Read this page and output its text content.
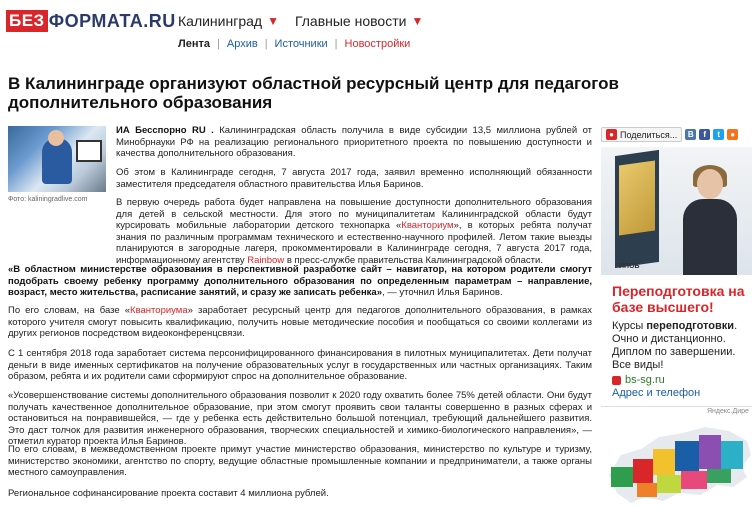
БЕЗ ФОРМАТА.RU Калининград ▼ Главные новости ▼
Лента | Архив | Источники | Новостройки
В Калининграде организуют областной ресурсный центр для педагогов дополнительного образования
Фото: kaliningradlive.com

ИА Бесспорно RU . Калининградская область получила в виде субсидии 13,5 миллиона рублей от Минобрнауки РФ на реализацию регионального приоритетного проекта по повышению доступности и качества дополнительного образования.

Об этом в Калининграде сегодня, 7 августа 2017 года, заявил временно исполняющий обязанности заместителя председателя областного правительства Илья Баринов.

В первую очередь работа будет направлена на повышение доступности дополнительного образования для детей в сельской местности. Для этого по муниципалитетам Калининградской области будут курсировать мобильные лаборатории детского технопарка «Кванториум», в которых ребята получат знания по различным программам технического и естественно-научного профилей. Летом такие выезды планируются в загородные лагеря, прокомментировали в Калининграде сегодня, 7 августа 2017 года, информационному агентству Rainbow в пресс-службе правительства Калининградской области.

«В областном министерстве образования в перспективной разработке сайт – навигатор, на котором родители смогут подобрать своему ребенку программу дополнительного образования по определенным параметрам – направление, возраст, место жительства, расписание занятий, и сразу же записать ребенка», — уточнил Илья Баринов.

По его словам, на базе «Кванториума» заработает ресурсный центр для педагогов дополнительного образования, в рамках которого учителя смогут повысить квалификацию, получить новые методические пособия и пообщаться со своими коллегами из других регионов посредством видеоконференцсвязи.

С 1 сентября 2018 года заработает система персонифицированного финансирования в пилотных муниципалитетах. Дети получат деньги в виде именных сертификатов на получение образовательных услуг в государственных или частных организациях. Таким образом, ребята и их родители сами сформируют спрос на дополнительное образование.

«Усовершенствование системы дополнительного образования позволит к 2020 году охватить более 75% детей области. Они будут получать качественное дополнительное образование, при этом смогут проявить свои таланты совершенно в разных сферах и остановиться на понравившейся, — где у ребенка есть действительно большой потенциал, требующий дальнейшего развития. Это даст толчок для развития инженерного образования, творческих специальностей и химико-биологического направления», — отметил куратор проекта Илья Баринов.

По его словам, в межведомственном проекте примут участие министерство образования, министерство по культуре и туризму, министерство экономики, агентство по спорту, ведущие областные промышленные компании и предприниматели, а также органы местного самоуправления.

Региональное софинансирование проекта составит 4 миллиона рублей.

● Поделиться...	В	f	t	●
ИПОБ
Переподготовка на базе высшего!
Курсы переподготовки. Очно и дистанционно. Диплом по завершении. Все виды!
bs-sg.ru
Адрес и телефон
Яндекс.Дире
